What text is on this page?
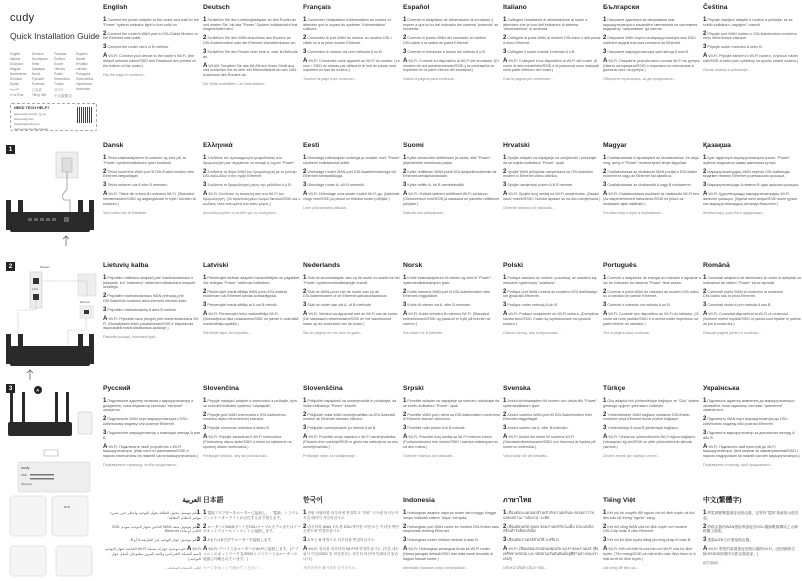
cudy
Quick Installation Guide
English	Deutsch	Français	Español
Italiano	Български	Čeština	Dansk
Ελληνικά	Eesti	Suomi	Hrvatski
Magyar	Қазақша	Lietuvių	Latviski
Nederlands	Norsk	Polski	Português
Română	Русский	Slovenčina	Slovenščina
Srpski	Svenska	Türkçe	Українська
العربية	日本語	한국어	Indonesia
ภาษาไทย	Tiếng Việt	中文(繁體字)
NEED TECH HELP?
www.cudy.com/qr_tg_wr
www.cudy.com
support@cudy.com
www.cudy.com/download
1
2	Modem
LAN
Ethernet
3	A
cudy
SSID
Password
Wi-Fi
English

1Connect the power adapter to the router and wait for the "Power" system indicator light to turn solid on.

2Connect the router's WAN port to DSL/Cable Modem or the Ethernet wall outlet.

3Connect the router via A or B method.

AWi-Fi: Connect your device to the router's Wi-Fi. (the default network name/SSID and Password are printed on the bottom of the router.)

Flip the page to continue...

Deutsch

1Schließen Sie den Leistungsadapter an den Router an und warten Sie, bis das "Power"-System indikatorlicht fest eingeschaltet wird.

2Schließen Sie den WAN-Anschluss des Routers an DSL/Kabelmodem oder die Ethernet-Wandsteckdose an.

3Schließen Sie den Router über eine A- oder B-Methode an.

AWLAN: Schalten Sie das WLAN auf Ihrem Gerät aus und schließen Sie es über ein Ethernetkabel an den LAN-Anschluss des Routers an.

Die Seite umblättern, um fortzufahren...

Français

1Connectez l'adaptateur d'alimentation au routeur et attendez que le voyant du système "d'alimentation" s'allume.

2Connectez le port WAN du routeur au modem DSL / câble ou à la prise murale Ethernet.

3Connectez le routeur via une méthode A ou B.

AWi-Fi: Connectez votre appareil au Wi-Fi du routeur. (Le nom / SSID du réseau par défaut et le mot de passe sont imprimés en bas du routeur.)

Tournez la page pour continuer...

Español

1Conecte el adaptador de alimentación al enrutador y espere a que la luz del indicador del sistema "potencia" se encienda.

2Conecte el puerto WAN del enrutador al módem DSL/cable o la salida de pared Ethernet.

3Conecte el enrutador a través del método A o B.

AWi-Fi: Conecte su dispositivo al Wi-Fi del enrutador. (El nombre de red predeterminado/SSID y la contraseña se imprimen en la parte inferior del enrutador).

Voltea la página para continuar...

Italiano

1Collegare l'adattatore di alimentazione al router e attendere che la luce dell'indicatore di sistema "alimentazione" si accenda.

2Collegare la porta WAN al modem DSL/cavo o alla presa a muro Ethernet.

3Collegare il router tramite il metodo A o B.

AWi-Fi: Collegare il tuo dispositivo al Wi-Fi del router. (Il nome di rete predefinito/SSID e la password sono stampati nella parte inferiore del router.)

Gira la pagina per continuare...

Български

1Свържете адаптера за захранване към маршрутизатора и изчакайте светлината на системния индикатор "захранване" да светне.

2Свържете WAN порта на маршрутизатора към DSL/кабелен модем или към контакта на Ethernet.

3Свържете маршрутизатора чрез метод A или B.

AWi-Fi: Свържете устройството си към Wi-Fi на рутера. (Името на мрежата/SSID и паролата са отпечатани в долната част на рутера.)

Обърнете страницата, за да продължите...

Čeština

1Připojte napájecí adaptér k routeru a počkejte, až se světlo indikátoru „napájení" rozsvítí.

2Připojte port WAN routeru k DSL/kabelovému modemu nebo ethernetové zásuvce.

3Připojte router metodou A nebo B.

AWi-Fi: Připojte zařízení k Wi-Fi routeru. (Výchozí název sítě/SSID a heslo jsou vytištěny na spodní straně routeru.)

Otočte stránku a pokračujte...

Dansk

1Tilslut strømadapteren til routeren og vent på, at "Power"-systemindikatoren lyser konstant.

2Tilslut routerens WAN-port til DSL/Kabel-modem eller Ethernet-vægudtaget.

3Tilslut routeren via A eller B metoden.

AWi-Fi: Tilslut din enhed til routerens Wi-Fi. (Standard netværksnavn/SSID og adgangskode er trykt i bunden af routeren.)

Vend siden for at fortsætte...

Ελληνικά

1Συνδέστε τον προσαρμογέα τροφοδοσίας στο δρομολογητή και περιμένετε να ανάψει η λυχνία "Power".

2Συνδέστε τη θύρα WAN του δρομολογητή με το μόντεμ DSL/καλωδίου ή την πρίζα Ethernet.

3Συνδέστε το δρομολογητή μέσω της μεθόδου A ή B.

AWi-Fi: Συνδέστε τη συσκευή σας στο Wi-Fi του δρομολογητή. (Το προεπιλεγμένο όνομα δικτύου/SSID και ο κωδικός είναι τυπωμένα στο κάτω μέρος.)

Αναποδογυρίστε τη σελίδα για να συνεχίσετε...

Eesti

1Ühendage toiteadapter ruuteriga ja oodake, kuni "Power" süsteemi indikaatortuli süttib.

2Ühendage ruuteri WAN-port DSL/kaabelmodemiga või Etherneti seinapistikuga.

3Ühendage ruuter A- või B-meetodil.

AWi-Fi: Ühendage oma seade ruuteri Wi-Fi-ga. (Vaikimisi võrgu nimi/SSID ja parool on trükitud ruuteri põhjale.)

Lehe pööramiseks jätkake...

Suomi

1Kytke virtasovitin reitittimeen ja odota, että "Power"-järjestelmän merkkivalo palaa.

2Kytke reitittimen WAN-portti DSL/kaapelimodeemiin tai Ethernet-seinäpistorasiaan.

3Kytke reititin A- tai B-menetelmällä.

AWi-Fi: Yhdistä laitteesi reitittimen Wi-Fi-verkkoon. (Oletusverkon nimi/SSID ja salasana on painettu reitittimen pohjaan.)

Käännä sivu jatkaaksesi...

Hrvatski

1Spojite adapter za napajanje na usmjerivač i pričekajte da se svjetlo indikatora "Power" upali.

2Spojite WAN priključak usmjerivača na DSL/kabelski modem ili Ethernet zidnu utičnicu.

3Spojite usmjerivač putem A ili B metode.

AWi-Fi: Spojite svoj uređaj na Wi-Fi usmjerivača. (Zadani naziv mreže/SSID i lozinka ispisani su na dnu usmjerivača.)

Okrenite stranicu za nastavak...

Magyar

1Csatlakoztassa a tápadaptert az útválasztóhoz, és várja meg, amíg a "Power" rendszerjelző fénye kigyullad.

2Csatlakoztassa az útválasztó WAN portját a DSL/kábel modemhez vagy az Ethernet fali aljzathoz.

3Csatlakoztassa az útválasztót A vagy B módszerrel.

AWi-Fi: Csatlakoztassa eszközét az útválasztó Wi-Fi-hez. (Az alapértelmezett hálózatnév/SSID és jelszó az útválasztó alján található.)

Fordítsa meg a lapot a folytatáshoz...

Қазақша

1Қуат адаптерін маршрутизаторға қосып, "Power" жүйелік индикатор шамы жанғанша күтіңіз.

2Маршрутизатордың WAN портын DSL/кабельдік модемге немесе Ethernet розеткасына қосыңыз.

3Маршрутизаторды A немесе B әдісі арқылы қосыңыз.

AWi-Fi: Құрылғыңызды маршрутизатордың Wi-Fi желісіне қосыңыз. (Әдепкі желі атауы/SSID және құпия сөз маршрутизатордың астында басылған.)

Жалғастыру үшін бетті аударыңыз...

Lietuvių kalba

1Prijunkite maitinimo adapterį prie maršrutizatoriaus ir palaukite, kol "maitinimo" sistemos indikatoriaus lemputė užsidegs.

2Prijunkite maršrutizatoriaus WAN prievadą prie DSL/kabelinio modemo arba eterneto sieninio lizdo.

3Prijunkite maršrutizatorių A arba B metodu.

AWi-Fi: Prijunkite savo įrenginį prie maršrutizatoriaus Wi-Fi. (Numatytasis tinklo pavadinimas/SSID ir slaptažodis išspausdinti maršrutizatoriaus apačioje.)

Pasukite puslapį, norėdami tęsti...

Latviski

1Pievienojiet strāvas adapteri maršrutētājam un pagaidiet, līdz iedegas "Power" sistēmas indikators.

2Pievienojiet maršrutētāja WAN portu DSL/kabeļa modemam vai Ethernet sienas kontaktligzdai.

3Pievienojiet maršrutētāju ar A vai B metodi.

AWi-Fi: Pievienojiet ierīci maršrutētāja Wi-Fi. (Noklusējuma tīkla nosaukums/SSID un parole ir uzdrukāti maršrutētāja apakšā.)

Pārvērtiet lapu, lai turpinātu...

Nederlands

1Sluit de stroomadapter aan op de router en wacht tot het "Power"-systeemindicatielampje brandt.

2Sluit de WAN-poort van de router aan op de DSL/kabelmodem of de Ethernet-wandcontactdoos.

3Sluit de router aan via A- of B-methode.

AWi-Fi: Verbind uw apparaat met de Wi-Fi van de router. (De standaard netwerknaam/SSID en het wachtwoord staan op de onderkant van de router.)

Sla de pagina om om door te gaan...

Norsk

1Koble strømadapteren til ruteren og vent til "Power"-systemindikatorlampen lyser.

2Koble ruterens WAN-port til DSL/kabelmodem eller Ethernet-vegguttaket.

3Koble til ruteren via A- eller B-metoden.

AWi-Fi: Koble enheten til ruterens Wi-Fi. (Standard nettverksnavn/SSID og passord er trykt på bunnen av ruteren.)

Snu siden for å fortsette...

Polski

1Podłącz zasilacz do routera i poczekaj, aż zaświeci się wskaźnik systemowy "zasilania".

2Podłącz port WAN routera do modemu DSL/kablowego lub gniazdka Ethernet.

3Podłącz router metodą A lub B.

AWi-Fi: Podłącz urządzenie do Wi-Fi routera. (Domyślna nazwa sieci/SSID i hasło są wydrukowane na spodzie routera.)

Odwróć stronę, aby kontynuować...

Português

1Conecte o adaptador de energia ao roteador e aguarde a luz do indicador do sistema "Power" ficar acesa.

2Conecte a porta WAN do roteador ao modem DSL/cabo ou à tomada de parede Ethernet.

3Conecte o roteador via método A ou B.

AWi-Fi: Conecte seu dispositivo ao Wi-Fi do roteador. (O nome da rede padrão/SSID e a senha estão impressos na parte inferior do roteador.)

Vire a página para continuar...

Română

1Conectați adaptorul de alimentare la router și așteptați ca indicatorul de sistem "Power" să se aprindă.

2Conectați portul WAN al routerului la modemul DSL/cablu sau la priza Ethernet.

3Conectați routerul prin metoda A sau B.

AWi-Fi: Conectați dispozitivul la Wi-Fi-ul routerului. (Numele rețelei implicit/SSID și parola sunt tipărite în partea de jos a routerului.)

Răsuciți pagina pentru a continua...

Русский

1Подключите адаптер питания к маршрутизатору и дождитесь, пока индикатор системы "питание" загорится.

2Подключите WAN порт маршрутизатора к DSL/кабельному модему или розетке Ethernet.

3Подключите маршрутизатор с помощью метода A или B.

AWi-Fi: Подключите своё устройство к Wi-Fi маршрутизатора. (Имя сети по умолчанию/SSID и пароль напечатаны на нижней части маршрутизатора.)

Переверните страницу, чтобы продолжить...

Slovenčina

1Pripojte napájací adaptér k smerovaču a počkajte, kým sa rozsvieti indikátor systému "napájania".

2Pripojte port WAN smerovača k DSL/káblovému modemu alebo ethernetovej zásuvke.

3Pripojte smerovač metódou A alebo B.

AWi-Fi: Pripojte zariadenie k Wi-Fi smerovača. (Predvolený názov siete/SSID a heslo sú vytlačené na spodnej strane smerovača.)

Prelistujte stránku, aby ste pokračovali...

Slovenščina

1Priključite napajalnik na usmerjevalnik in počakajte, da lučka indikatorja "Power" zasveti.

2Priključite vrata WAN usmerjevalnika na DSL/kabelski modem ali Ethernet stensko vtičnico.

3Priključite usmerjevalnik po metodi A ali B.

AWi-Fi: Povežite svojo napravo z Wi-Fi usmerjevalnika. (Privzeto ime omrežja/SSID in geslo sta natisnjena na dnu usmerjevalnika.)

Prelistajte stran za nadaljevanje...

Srpski

1Povežite adapter za napajanje sa ruterom i sačekajte da se svetlo indikatora "Power" upali.

2Povežite WAN port rutera sa DSL/kablovskim modemom ili Ethernet zidnom utičnicom.

3Povežite ruter putem A ili B metode.

AWi-Fi: Povežite svoj uređaj sa Wi-Fi mrežom rutera. (Podrazumevano ime mreže/SSID i lozinka odštampani su na dnu rutera.)

Okrenite stranicu da nastavite...

Svenska

1Anslut strömadaptern till routern och vänta tills "Power"-systemindikatorn lyser.

2Anslut routerns WAN-port till DSL/kabelmodem eller Ethernet-vägguttaget.

3Anslut routern via A- eller B-metoden.

AWi-Fi: Anslut din enhet till routerns Wi-Fi. (Standardnätverksnamn/SSID och lösenord är tryckta på routerns undersida.)

Vänd sidan för att fortsätta...

Türkçe

1Güç adaptörünü yönlendiriciye bağlayın ve "Güç" sistem gösterge ışığının yanmasını bekleyin.

2Yönlendiricinin WAN bağlantı noktasını DSL/Kablo modeme veya Ethernet duvar prizine bağlayın.

3Yönlendiriciyi A veya B yöntemiyle bağlayın.

AWi-Fi: Cihazınızı yönlendiricinin Wi-Fi ağına bağlayın. (Varsayılan ağ adı/SSID ve şifre yönlendiricinin altında yazılıdır.)

Devam etmek için sayfayı çevirin...

Українська

1Підключіть адаптер живлення до маршрутизатора і зачекайте, поки індикатор системи "живлення" засвітиться.

2Підключіть WAN порт маршрутизатора до DSL/кабельного модему або розетки Ethernet.

3Підключіть маршрутизатор за допомогою методу A або B.

AWi-Fi: Підключіть свій пристрій до Wi-Fi маршрутизатора. (Ім'я мережі за замовчуванням/SSID і пароль надруковані на нижній частині маршрутизатора.)

Переверніть сторінку, щоб продовжити...

العربية

1قم بتوصيل محول الطاقة بجهاز التوجيه وانتظر حتى يضيء مؤشر النظام "الطاقة".

2قم بتوصيل منفذ WAN الخاص بجهاز التوجيه بمودم DSL/الكابل أو مأخذ Ethernet.

3قم بتوصيل جهاز التوجيه عبر الطريقة A أو B.

AWi-Fi: قم بتوصيل جهازك بشبكة Wi-Fi الخاصة بجهاز التوجيه. (اسم الشبكة الافتراضي وكلمة المرور مطبوعان أسفل جهاز التوجيه.)

اقلب الصفحة للمتابعة...

日本語

1電源アダプターをルーターに接続し、「電源」システムインジケーターライトが点灯するまで待ちます。

2ルーターのWANポートをDSL/ケーブルモデムまたはイーサネットウォールコンセントに接続します。

3AまたはB方法でルーターを接続します。

AWi-Fi: デバイスをルーターのWi-Fiに接続します。(デフォルトのネットワーク名/SSIDとパスワードはルーターの底面に印刷されています。)

ページをめくって続けてください...

한국어

1전원 어댑터를 라우터에 연결하고 "전원" 시스템 표시등이 켜질 때까지 기다리십시오.

2라우터의 WAN 포트를 DSL/케이블 모뎀 또는 이더넷 벽면 콘센트에 연결하십시오.

3A 또는 B 방법으로 라우터를 연결하십시오.

AWi-Fi: 장치를 라우터의 Wi-Fi에 연결하십시오. (기본 네트워크 이름/SSID 및 비밀번호는 라우터 하단에 인쇄되어 있습니다.)

계속하려면 페이지를 넘기십시오...

Indonesia

1Hubungkan adaptor daya ke router dan tunggu hingga lampu indikator sistem "daya" menyala.

2Hubungkan port WAN router ke modem DSL/Kabel atau stopkontak dinding Ethernet.

3Hubungkan router melalui metode A atau B.

AWi-Fi: Hubungkan perangkat Anda ke Wi-Fi router. (Nama jaringan default/SSID dan kata sandi tercetak di bagian bawah router.)

Membalik halaman untuk melanjutkan...

ภาษาไทย

1เชื่อมต่ออะแดปเตอร์ไฟเข้ากับเราเตอร์และรอจนกว่าไฟแสดงสถานะ "พลังงาน" จะติด

2เชื่อมต่อพอร์ต WAN ของเราเตอร์กับโมเด็ม DSL/เคเบิล หรือเต้ารับอีเธอร์เน็ต

3เชื่อมต่อเราเตอร์ด้วยวิธี A หรือ B

AWi-Fi: เชื่อมต่ออุปกรณ์ของคุณกับ Wi-Fi ของเราเตอร์ (ชื่อเครือข่าย/SSID และรหัสผ่านเริ่มต้นพิมพ์อยู่ที่ด้านล่างของเราเตอร์)

พลิกหน้าเพื่อดำเนินการต่อ...

Tiếng Việt

1Kết nối bộ chuyển đổi nguồn với bộ định tuyến và đợi đèn báo hệ thống "nguồn" sáng.

2Kết nối cổng WAN của bộ định tuyến với modem DSL/Cáp hoặc ổ cắm Ethernet.

3Kết nối bộ định tuyến bằng phương pháp A hoặc B.

AWi-Fi: Kết nối thiết bị của bạn với Wi-Fi của bộ định tuyến. (Tên mạng/SSID và mật khẩu mặc định được in ở mặt dưới bộ định tuyến.)

Lật trang để tiếp tục...

中文(繁體字)

1將電源變壓器連接至路由器，並等待"電源"系統指示燈亮起。

2將路由器的WAN連接埠連接至DSL/纜線數據機或乙太網路牆上插座。

3透過A或B方法連接路由器。

AWi-Fi: 將您的裝置連接至路由器的Wi-Fi。(預設網路名稱/SSID和密碼印在路由器底部。)

翻頁繼續...
